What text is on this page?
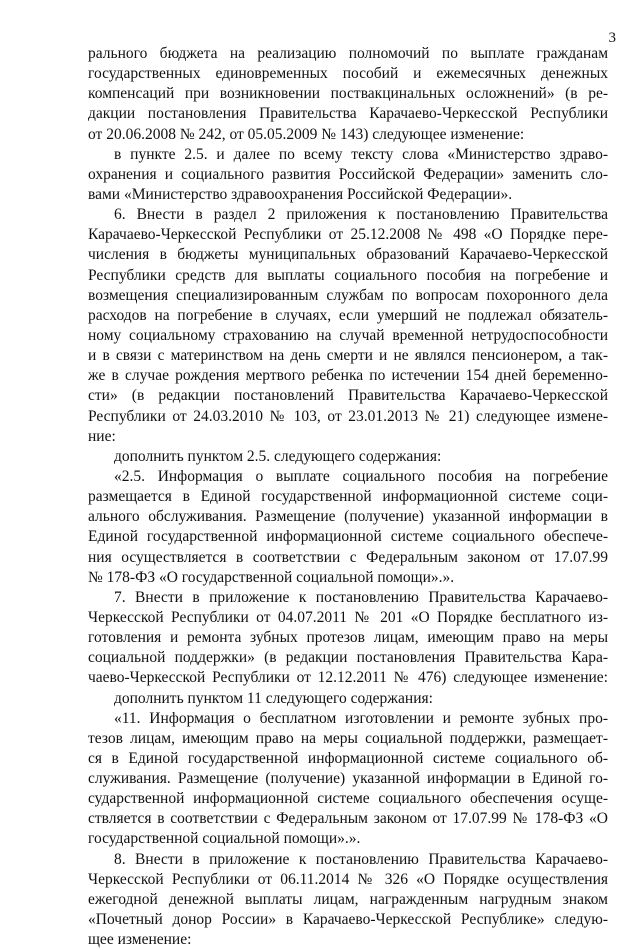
3
рального бюджета на реализацию полномочий по выплате гражданам
государственных единовременных пособий и ежемесячных денежных
компенсаций при возникновении поствакцинальных осложнений» (в ре-
дакции постановления Правительства Карачаево-Черкесской Республики
от 20.06.2008 № 242, от 05.05.2009 № 143) следующее изменение:
в пункте 2.5. и далее по всему тексту слова «Министерство здраво-
охранения и социального развития Российской Федерации» заменить сло-
вами «Министерство здравоохранения Российской Федерации».
6. Внести в раздел 2 приложения к постановлению Правительства
Карачаево-Черкесской Республики от 25.12.2008 № 498 «О Порядке пере-
числения в бюджеты муниципальных образований Карачаево-Черкесской
Республики средств для выплаты социального пособия на погребение и
возмещения специализированным службам по вопросам похоронного дела
расходов на погребение в случаях, если умерший не подлежал обязатель-
ному социальному страхованию на случай временной нетрудоспособности
и в связи с материнством на день смерти и не являлся пенсионером, а так-
же в случае рождения мертвого ребенка по истечении 154 дней беременно-
сти» (в редакции постановлений Правительства Карачаево-Черкесской
Республики от 24.03.2010 № 103, от 23.01.2013 № 21) следующее измене-
ние:
дополнить пунктом 2.5. следующего содержания:
«2.5. Информация о выплате социального пособия на погребение
размещается в Единой государственной информационной системе соци-
ального обслуживания. Размещение (получение) указанной информации в
Единой государственной информационной системе социального обеспече-
ния осуществляется в соответствии с Федеральным законом от 17.07.99
№ 178-ФЗ «О государственной социальной помощи».».
7. Внести в приложение к постановлению Правительства Карачаево-
Черкесской Республики от 04.07.2011 № 201 «О Порядке бесплатного из-
готовления и ремонта зубных протезов лицам, имеющим право на меры
социальной поддержки» (в редакции постановления Правительства Кара-
чаево-Черкесской Республики от 12.12.2011 № 476) следующее изменение:
дополнить пунктом 11 следующего содержания:
«11. Информация о бесплатном изготовлении и ремонте зубных про-
тезов лицам, имеющим право на меры социальной поддержки, размещает-
ся в Единой государственной информационной системе социального об-
служивания. Размещение (получение) указанной информации в Единой го-
сударственной информационной системе социального обеспечения осуще-
ствляется в соответствии с Федеральным законом от 17.07.99 № 178-ФЗ «О
государственной социальной помощи».».
8. Внести в приложение к постановлению Правительства Карачаево-
Черкесской Республики от 06.11.2014 № 326 «О Порядке осуществления
ежегодной денежной выплаты лицам, награжденным нагрудным знаком
«Почетный донор России» в Карачаево-Черкесской Республике» следую-
щее изменение:
